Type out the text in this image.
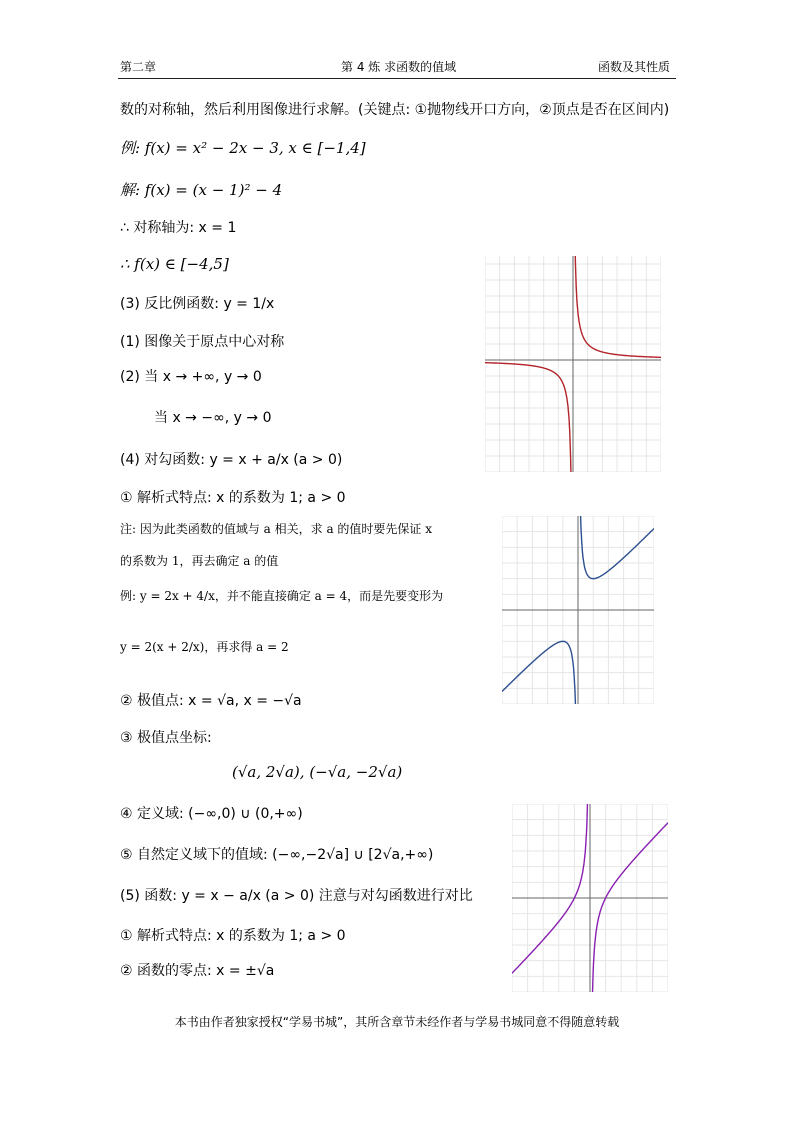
第二章	第 4 炼 求函数的值域	函数及其性质
数的对称轴，然后利用图像进行求解。(关键点: ①抛物线开口方向，②顶点是否在区间内)
例: f(x) = x² − 2x − 3, x ∈ [−1,4]
解: f(x) = (x − 1)² − 4
∴ 对称轴为: x = 1
∴ f(x) ∈ [−4,5]
(3) 反比例函数: y = 1/x
(1) 图像关于原点中心对称
(2) 当 x → +∞, y → 0
当 x → −∞, y → 0
(4) 对勾函数: y = x + a/x (a > 0)
① 解析式特点: x 的系数为 1; a > 0
注: 因为此类函数的值域与 a 相关，求 a 的值时要先保证 x
的系数为 1，再去确定 a 的值
例: y = 2x + 4/x，并不能直接确定 a = 4，而是先要变形为
y = 2(x + 2/x)，再求得 a = 2
② 极值点: x = √a, x = −√a
③ 极值点坐标:
(√a, 2√a), (−√a, −2√a)
④ 定义域: (−∞,0) ∪ (0,+∞)
⑤ 自然定义域下的值域: (−∞,−2√a] ∪ [2√a,+∞)
(5) 函数: y = x − a/x (a > 0) 注意与对勾函数进行对比
① 解析式特点: x 的系数为 1; a > 0
② 函数的零点: x = ±√a
本书由作者独家授权“学易书城”，其所含章节未经作者与学易书城同意不得随意转载
